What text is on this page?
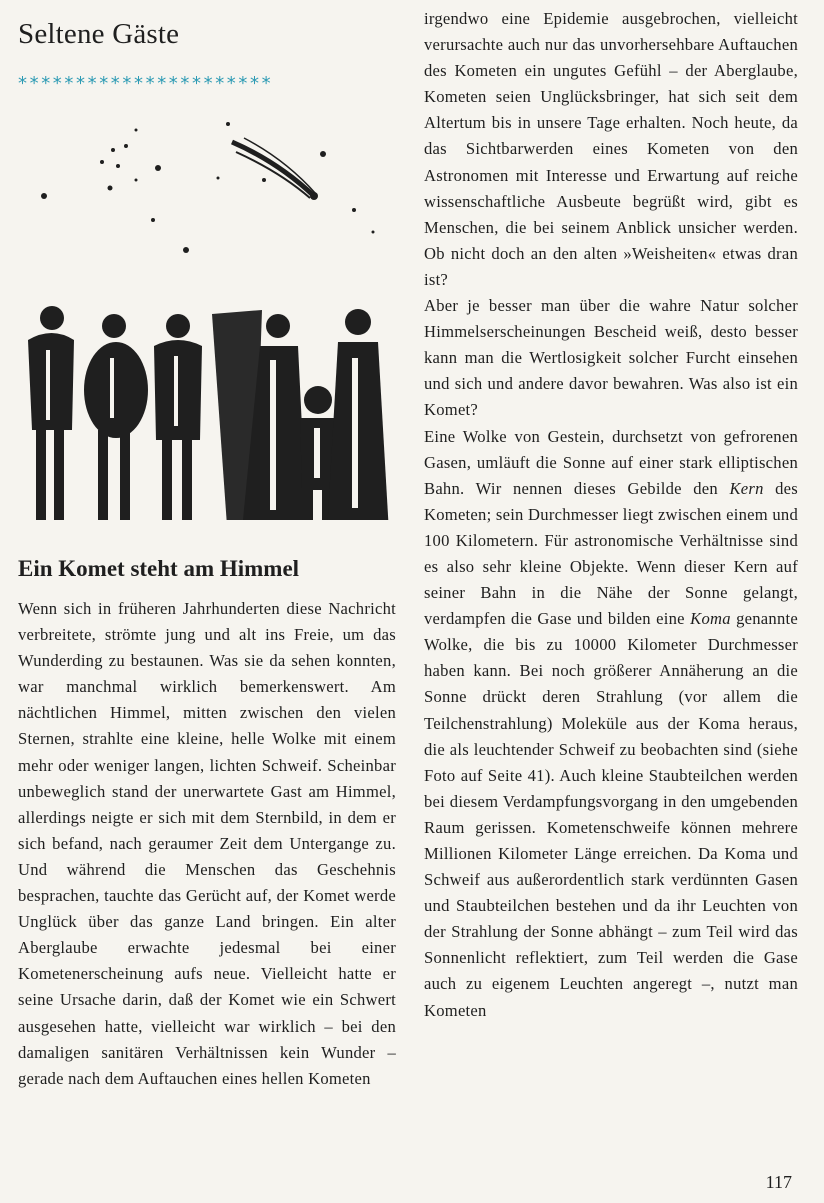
Seltene Gäste
**********************
Ein Komet steht am Himmel

Wenn sich in früheren Jahrhunderten diese Nachricht verbreitete, strömte jung und alt ins Freie, um das Wunderding zu bestaunen. Was sie da sehen konnten, war manchmal wirklich bemerkenswert. Am nächtlichen Himmel, mitten zwischen den vielen Sternen, strahlte eine kleine, helle Wolke mit einem mehr oder weniger langen, lichten Schweif. Scheinbar unbeweglich stand der unerwartete Gast am Himmel, allerdings neigte er sich mit dem Sternbild, in dem er sich befand, nach geraumer Zeit dem Untergange zu. Und während die Menschen das Geschehnis besprachen, tauchte das Gerücht auf, der Komet werde Unglück über das ganze Land bringen. Ein alter Aberglaube erwachte jedesmal bei einer Kometenerscheinung aufs neue. Vielleicht hatte er seine Ursache darin, daß der Komet wie ein Schwert ausgesehen hatte, vielleicht war wirklich – bei den damaligen sanitären Verhältnissen kein Wunder – gerade nach dem Auftauchen eines hellen Kometen

irgendwo eine Epidemie ausgebrochen, vielleicht verursachte auch nur das unvorhersehbare Auftauchen des Kometen ein ungutes Gefühl – der Aberglaube, Kometen seien Unglücksbringer, hat sich seit dem Altertum bis in unsere Tage erhalten. Noch heute, da das Sichtbarwerden eines Kometen von den Astronomen mit Interesse und Erwartung auf reiche wissenschaftliche Ausbeute begrüßt wird, gibt es Menschen, die bei seinem Anblick unsicher werden. Ob nicht doch an den alten »Weisheiten« etwas dran ist?

Aber je besser man über die wahre Natur solcher Himmelserscheinungen Bescheid weiß, desto besser kann man die Wertlosigkeit solcher Furcht einsehen und sich und andere davor bewahren. Was also ist ein Komet?

Eine Wolke von Gestein, durchsetzt von gefrorenen Gasen, umläuft die Sonne auf einer stark elliptischen Bahn. Wir nennen dieses Gebilde den Kern des Kometen; sein Durchmesser liegt zwischen einem und 100 Kilometern. Für astronomische Verhältnisse sind es also sehr kleine Objekte. Wenn dieser Kern auf seiner Bahn in die Nähe der Sonne gelangt, verdampfen die Gase und bilden eine Koma genannte Wolke, die bis zu 10000 Kilometer Durchmesser haben kann. Bei noch größerer Annäherung an die Sonne drückt deren Strahlung (vor allem die Teilchenstrahlung) Moleküle aus der Koma heraus, die als leuchtender Schweif zu beobachten sind (siehe Foto auf Seite 41). Auch kleine Staubteilchen werden bei diesem Verdampfungsvorgang in den umgebenden Raum gerissen. Kometenschweife können mehrere Millionen Kilometer Länge erreichen. Da Koma und Schweif aus außerordentlich stark verdünnten Gasen und Staubteilchen bestehen und da ihr Leuchten von der Strahlung der Sonne abhängt – zum Teil wird das Sonnenlicht reflektiert, zum Teil werden die Gase auch zu eigenem Leuchten angeregt –, nutzt man Kometen

117
